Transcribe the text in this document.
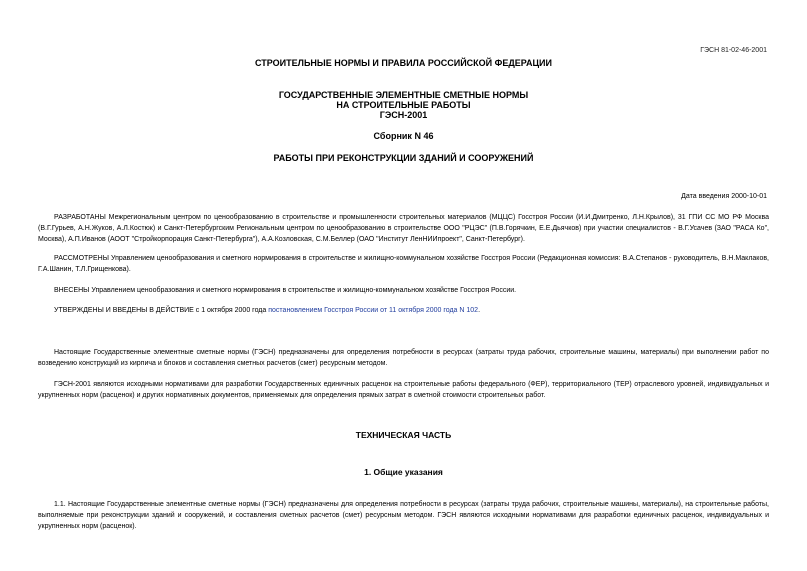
ГЭСН 81-02-46-2001
СТРОИТЕЛЬНЫЕ НОРМЫ И ПРАВИЛА РОССИЙСКОЙ ФЕДЕРАЦИИ
ГОСУДАРСТВЕННЫЕ ЭЛЕМЕНТНЫЕ СМЕТНЫЕ НОРМЫ
НА СТРОИТЕЛЬНЫЕ РАБОТЫ
ГЭСН-2001
Сборник N 46
РАБОТЫ ПРИ РЕКОНСТРУКЦИИ ЗДАНИЙ И СООРУЖЕНИЙ
Дата введения 2000-10-01
РАЗРАБОТАНЫ Межрегиональным центром по ценообразованию в строительстве и промышленности строительных материалов (МЦЦС) Госстроя России (И.И.Дмитренко, Л.Н.Крылов), 31 ГПИ СС МО РФ Москва (В.Г.Гурьев, А.Н.Жуков, А.Л.Костюк) и Санкт-Петербургским Региональным центром по ценообразованию в строительстве ООО "РЦЭС" (П.В.Горячкин, Е.Е.Дьячков) при участии специалистов - В.Г.Усачев (ЗАО "РАСА Ко", Москва), А.П.Иванов (АООТ "Стройкорпорация Санкт-Петербурга"), А.А.Козловская, С.М.Беллер (ОАО "Институт ЛенНИИпроект", Санкт-Петербург).
РАССМОТРЕНЫ Управлением ценообразования и сметного нормирования в строительстве и жилищно-коммунальном хозяйстве Госстроя России (Редакционная комиссия: В.А.Степанов - руководитель, В.Н.Маклаков, Г.А.Шанин, Т.Л.Грищенкова).
ВНЕСЕНЫ Управлением ценообразования и сметного нормирования в строительстве и жилищно-коммунальном хозяйстве Госстроя России.
УТВЕРЖДЕНЫ И ВВЕДЕНЫ В ДЕЙСТВИЕ с 1 октября 2000 года постановлением Госстроя России от 11 октября 2000 года N 102.
Настоящие Государственные элементные сметные нормы (ГЭСН) предназначены для определения потребности в ресурсах (затраты труда рабочих, строительные машины, материалы) при выполнении работ по возведению конструкций из кирпича и блоков и составления сметных расчетов (смет) ресурсным методом.
ГЭСН-2001 являются исходными нормативами для разработки Государственных единичных расценок на строительные работы федерального (ФЕР), территориального (ТЕР) отраслевого уровней, индивидуальных и укрупненных норм (расценок) и других нормативных документов, применяемых для определения прямых затрат в сметной стоимости строительных работ.
ТЕХНИЧЕСКАЯ ЧАСТЬ
1. Общие указания
1.1. Настоящие Государственные элементные сметные нормы (ГЭСН) предназначены для определения потребности в ресурсах (затраты труда рабочих, строительные машины, материалы), на строительные работы, выполняемые при реконструкции зданий и сооружений, и составления сметных расчетов (смет) ресурсным методом. ГЭСН являются исходными нормативами для разработки единичных расценок, индивидуальных и укрупненных норм (расценок).
